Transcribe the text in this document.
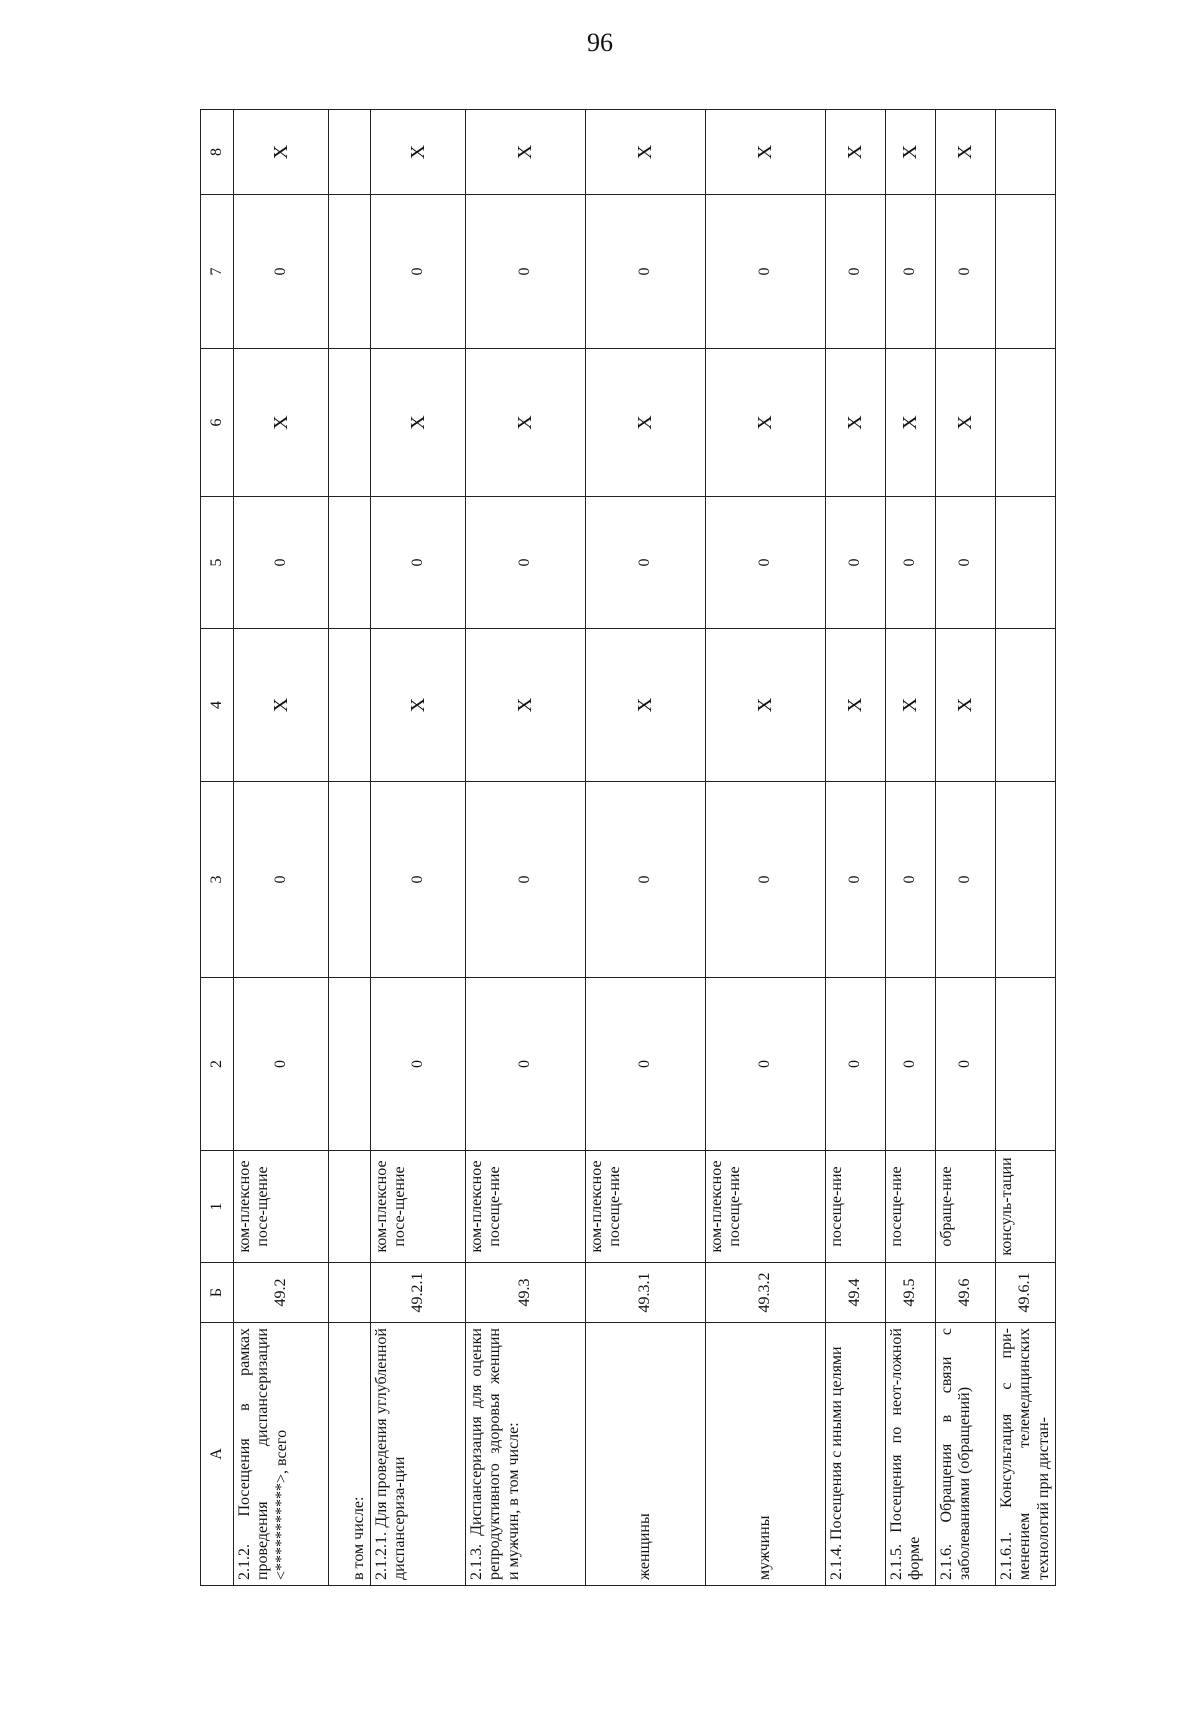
96
А	Б	1	2	3	4	5	6	7	8
2.1.2. Посещения в рамках проведения диспансеризации <***********>, всего	49.2	ком-плексное посе-щение	0	0	Х	0	Х	0	Х
в том числе:									
2.1.2.1. Для проведения углубленной диспансериза-ции	49.2.1	ком-плексное посе-щение	0	0	Х	0	Х	0	Х
2.1.3. Диспансеризация для оценки репродуктивного здоровья женщин и мужчин, в том числе:	49.3	ком-плексное посеще-ние	0	0	Х	0	Х	0	Х
женщины	49.3.1	ком-плексное посеще-ние	0	0	Х	0	Х	0	Х
мужчины	49.3.2	ком-плексное посеще-ние	0	0	Х	0	Х	0	Х
2.1.4. Посещения с иными целями	49.4	посеще-ние	0	0	Х	0	Х	0	Х
2.1.5. Посещения по неот-ложной форме	49.5	посеще-ние	0	0	Х	0	Х	0	Х
2.1.6. Обращения в связи с заболеваниями (обращений)	49.6	обраще-ние	0	0	Х	0	Х	0	Х
2.1.6.1. Консультация с при-менением телемедицинских технологий при дистан-	49.6.1	консуль-тации							
